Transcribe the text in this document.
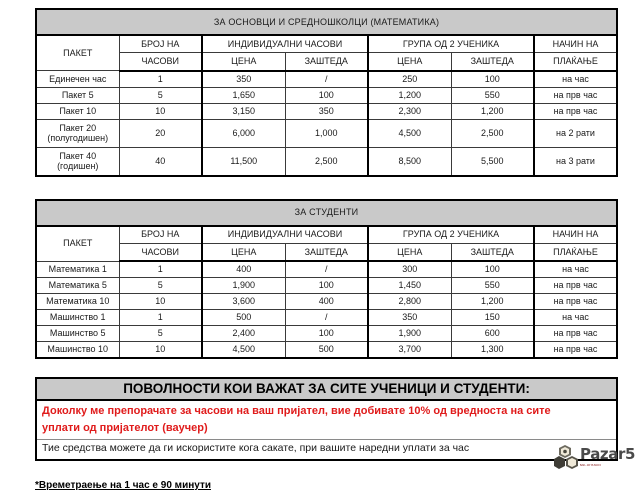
ЗА ОСНОВЦИ И СРЕДНОШКОЛЦИ (МАТЕМАТИКА)						
ПАКЕТ	БРОЈ НА	ИНДИВИДУАЛНИ ЧАСОВИ		ГРУПА ОД 2 УЧЕНИКА		НАЧИН НА
	ЧАСОВИ	ЦЕНА	ЗАШТЕДА	ЦЕНА	ЗАШТЕДА	ПЛАЌАЊЕ
Единечен час	1	350	/	250	100	на час
Пакет 5	5	1,650	100	1,200	550	на прв час
Пакет 10	10	3,150	350	2,300	1,200	на прв час

Пакет 20
(полугодишен)	20	6,000	1,000	4,500	2,500	на 2 рати

Пакет 40
(годишен)	40	11,500	2,500	8,500	5,500	на 3 рати
ЗА СТУДЕНТИ						
ПАКЕТ	БРОЈ НА	ИНДИВИДУАЛНИ ЧАСОВИ		ГРУПА ОД 2 УЧЕНИКА		НАЧИН НА
	ЧАСОВИ	ЦЕНА	ЗАШТЕДА	ЦЕНА	ЗАШТЕДА	ПЛАЌАЊЕ
Математика 1	1	400	/	300	100	на час
Математика 5	5	1,900	100	1,450	550	на прв час
Математика 10	10	3,600	400	2,800	1,200	на прв час
Машинство 1	1	500	/	350	150	на час
Машинство 5	5	2,400	100	1,900	600	на прв час
Машинство 10	10	4,500	500	3,700	1,300	на прв час
ПОВОЛНОСТИ КОИ ВАЖАТ ЗА СИТЕ УЧЕНИЦИ И СТУДЕНТИ:
Доколку ме препорачате за часови на ваш пријател, вие добивате 10% од вредноста на сите
уплати од пријателот (ваучер)
Тие средства можете да ги искористите кога сакате, при вашите наредни уплати за час
*Времетраење на 1 час е 90 минути
Pazar5
мк-огласи
